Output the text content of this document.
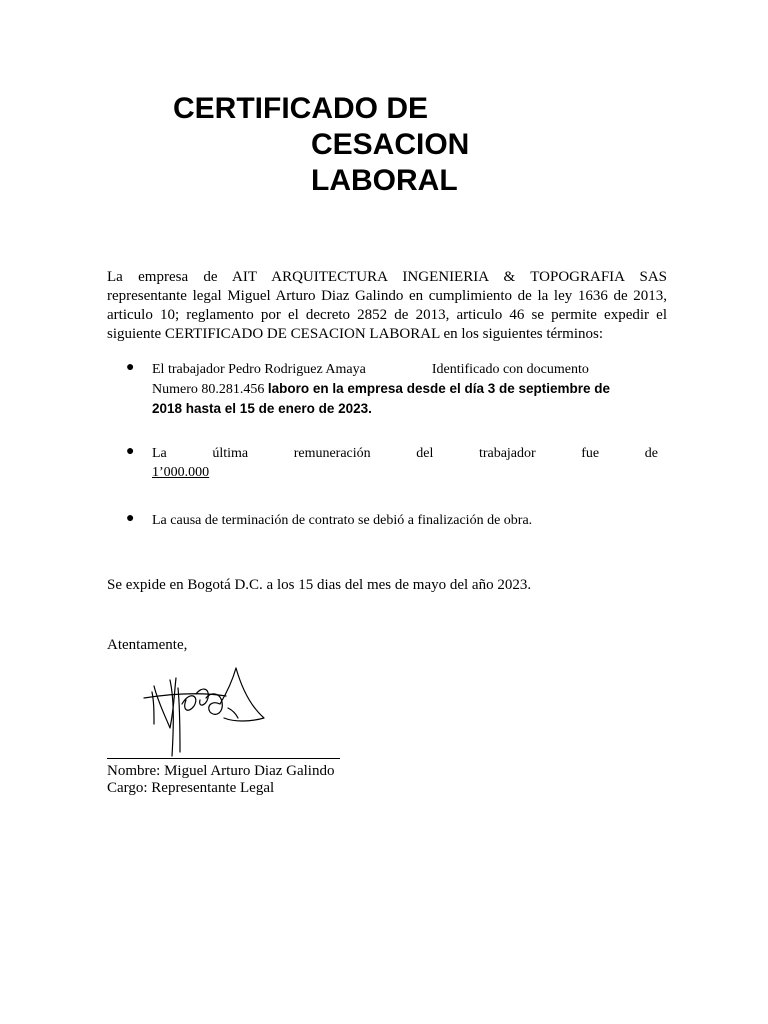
CERTIFICADO DE
CESACION
LABORAL

La empresa de AIT ARQUITECTURA INGENIERIA & TOPOGRAFIA SAS
representante legal Miguel Arturo Diaz Galindo en cumplimiento de la ley 1636 de 2013,
articulo 10; reglamento por el decreto 2852 de 2013, articulo 46 se permite expedir el
siguiente CERTIFICADO DE CESACION LABORAL en los siguientes términos:

● El trabajador Pedro Rodriguez Amaya	Identificado con documento
Numero 80.281.456 laboro en la empresa desde el día 3 de septiembre de
2018 hasta el 15 de enero de 2023.

● La	última	remuneración	del	trabajador	fue	de
1’000.000
● La causa de terminación de contrato se debió a finalización de obra.

Se expide en Bogotá D.C. a los 15 dias del mes de mayo del año 2023.

Atentamente,

Nombre: Miguel Arturo Diaz Galindo

Cargo: Representante Legal
